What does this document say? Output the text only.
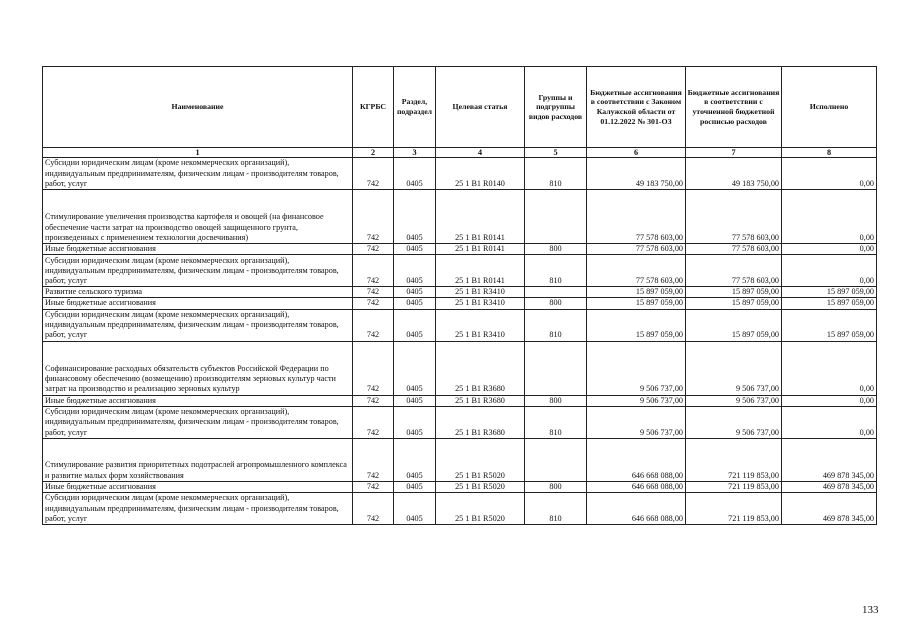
Наименование	КГРБС	Раздел, подраздел	Целевая статья	Группы и подгруппы видов расходов	Бюджетные ассигнования в соответствии с Законом Калужской области от 01.12.2022 № 301-ОЗ	Бюджетные ассигнования в соответствии с уточненной бюджетной росписью расходов	Исполнено
1	2	3	4	5	6	7	8
Субсидии юридическим лицам (кроме некоммерческих организаций), индивидуальным предпринимателям, физическим лицам - производителям товаров, работ, услуг	742	0405	25 1 B1 R0140	810	49 183 750,00	49 183 750,00	0,00
Стимулирование увеличения производства картофеля и овощей (на финансовое обеспечение части затрат на производство овощей защищенного грунта, произведенных с применением технологии досвечивания)	742	0405	25 1 B1 R0141		77 578 603,00	77 578 603,00	0,00
Иные бюджетные ассигнования	742	0405	25 1 B1 R0141	800	77 578 603,00	77 578 603,00	0,00
Субсидии юридическим лицам (кроме некоммерческих организаций), индивидуальным предпринимателям, физическим лицам - производителям товаров, работ, услуг	742	0405	25 1 B1 R0141	810	77 578 603,00	77 578 603,00	0,00
Развитие сельского туризма	742	0405	25 1 B1 R3410		15 897 059,00	15 897 059,00	15 897 059,00
Иные бюджетные ассигнования	742	0405	25 1 B1 R3410	800	15 897 059,00	15 897 059,00	15 897 059,00
Субсидии юридическим лицам (кроме некоммерческих организаций), индивидуальным предпринимателям, физическим лицам - производителям товаров, работ, услуг	742	0405	25 1 B1 R3410	810	15 897 059,00	15 897 059,00	15 897 059,00
Софинансирование расходных обязательств субъектов Российской Федерации по финансовому обеспечению (возмещению) производителям зерновых культур части затрат на производство и реализацию зерновых культур	742	0405	25 1 B1 R3680		9 506 737,00	9 506 737,00	0,00
Иные бюджетные ассигнования	742	0405	25 1 B1 R3680	800	9 506 737,00	9 506 737,00	0,00
Субсидии юридическим лицам (кроме некоммерческих организаций), индивидуальным предпринимателям, физическим лицам - производителям товаров, работ, услуг	742	0405	25 1 B1 R3680	810	9 506 737,00	9 506 737,00	0,00
Стимулирование развития приоритетных подотраслей агропромышленного комплекса и развитие малых форм хозяйствования	742	0405	25 1 B1 R5020		646 668 088,00	721 119 853,00	469 878 345,00
Иные бюджетные ассигнования	742	0405	25 1 B1 R5020	800	646 668 088,00	721 119 853,00	469 878 345,00
Субсидии юридическим лицам (кроме некоммерческих организаций), индивидуальным предпринимателям, физическим лицам - производителям товаров, работ, услуг	742	0405	25 1 B1 R5020	810	646 668 088,00	721 119 853,00	469 878 345,00
133
